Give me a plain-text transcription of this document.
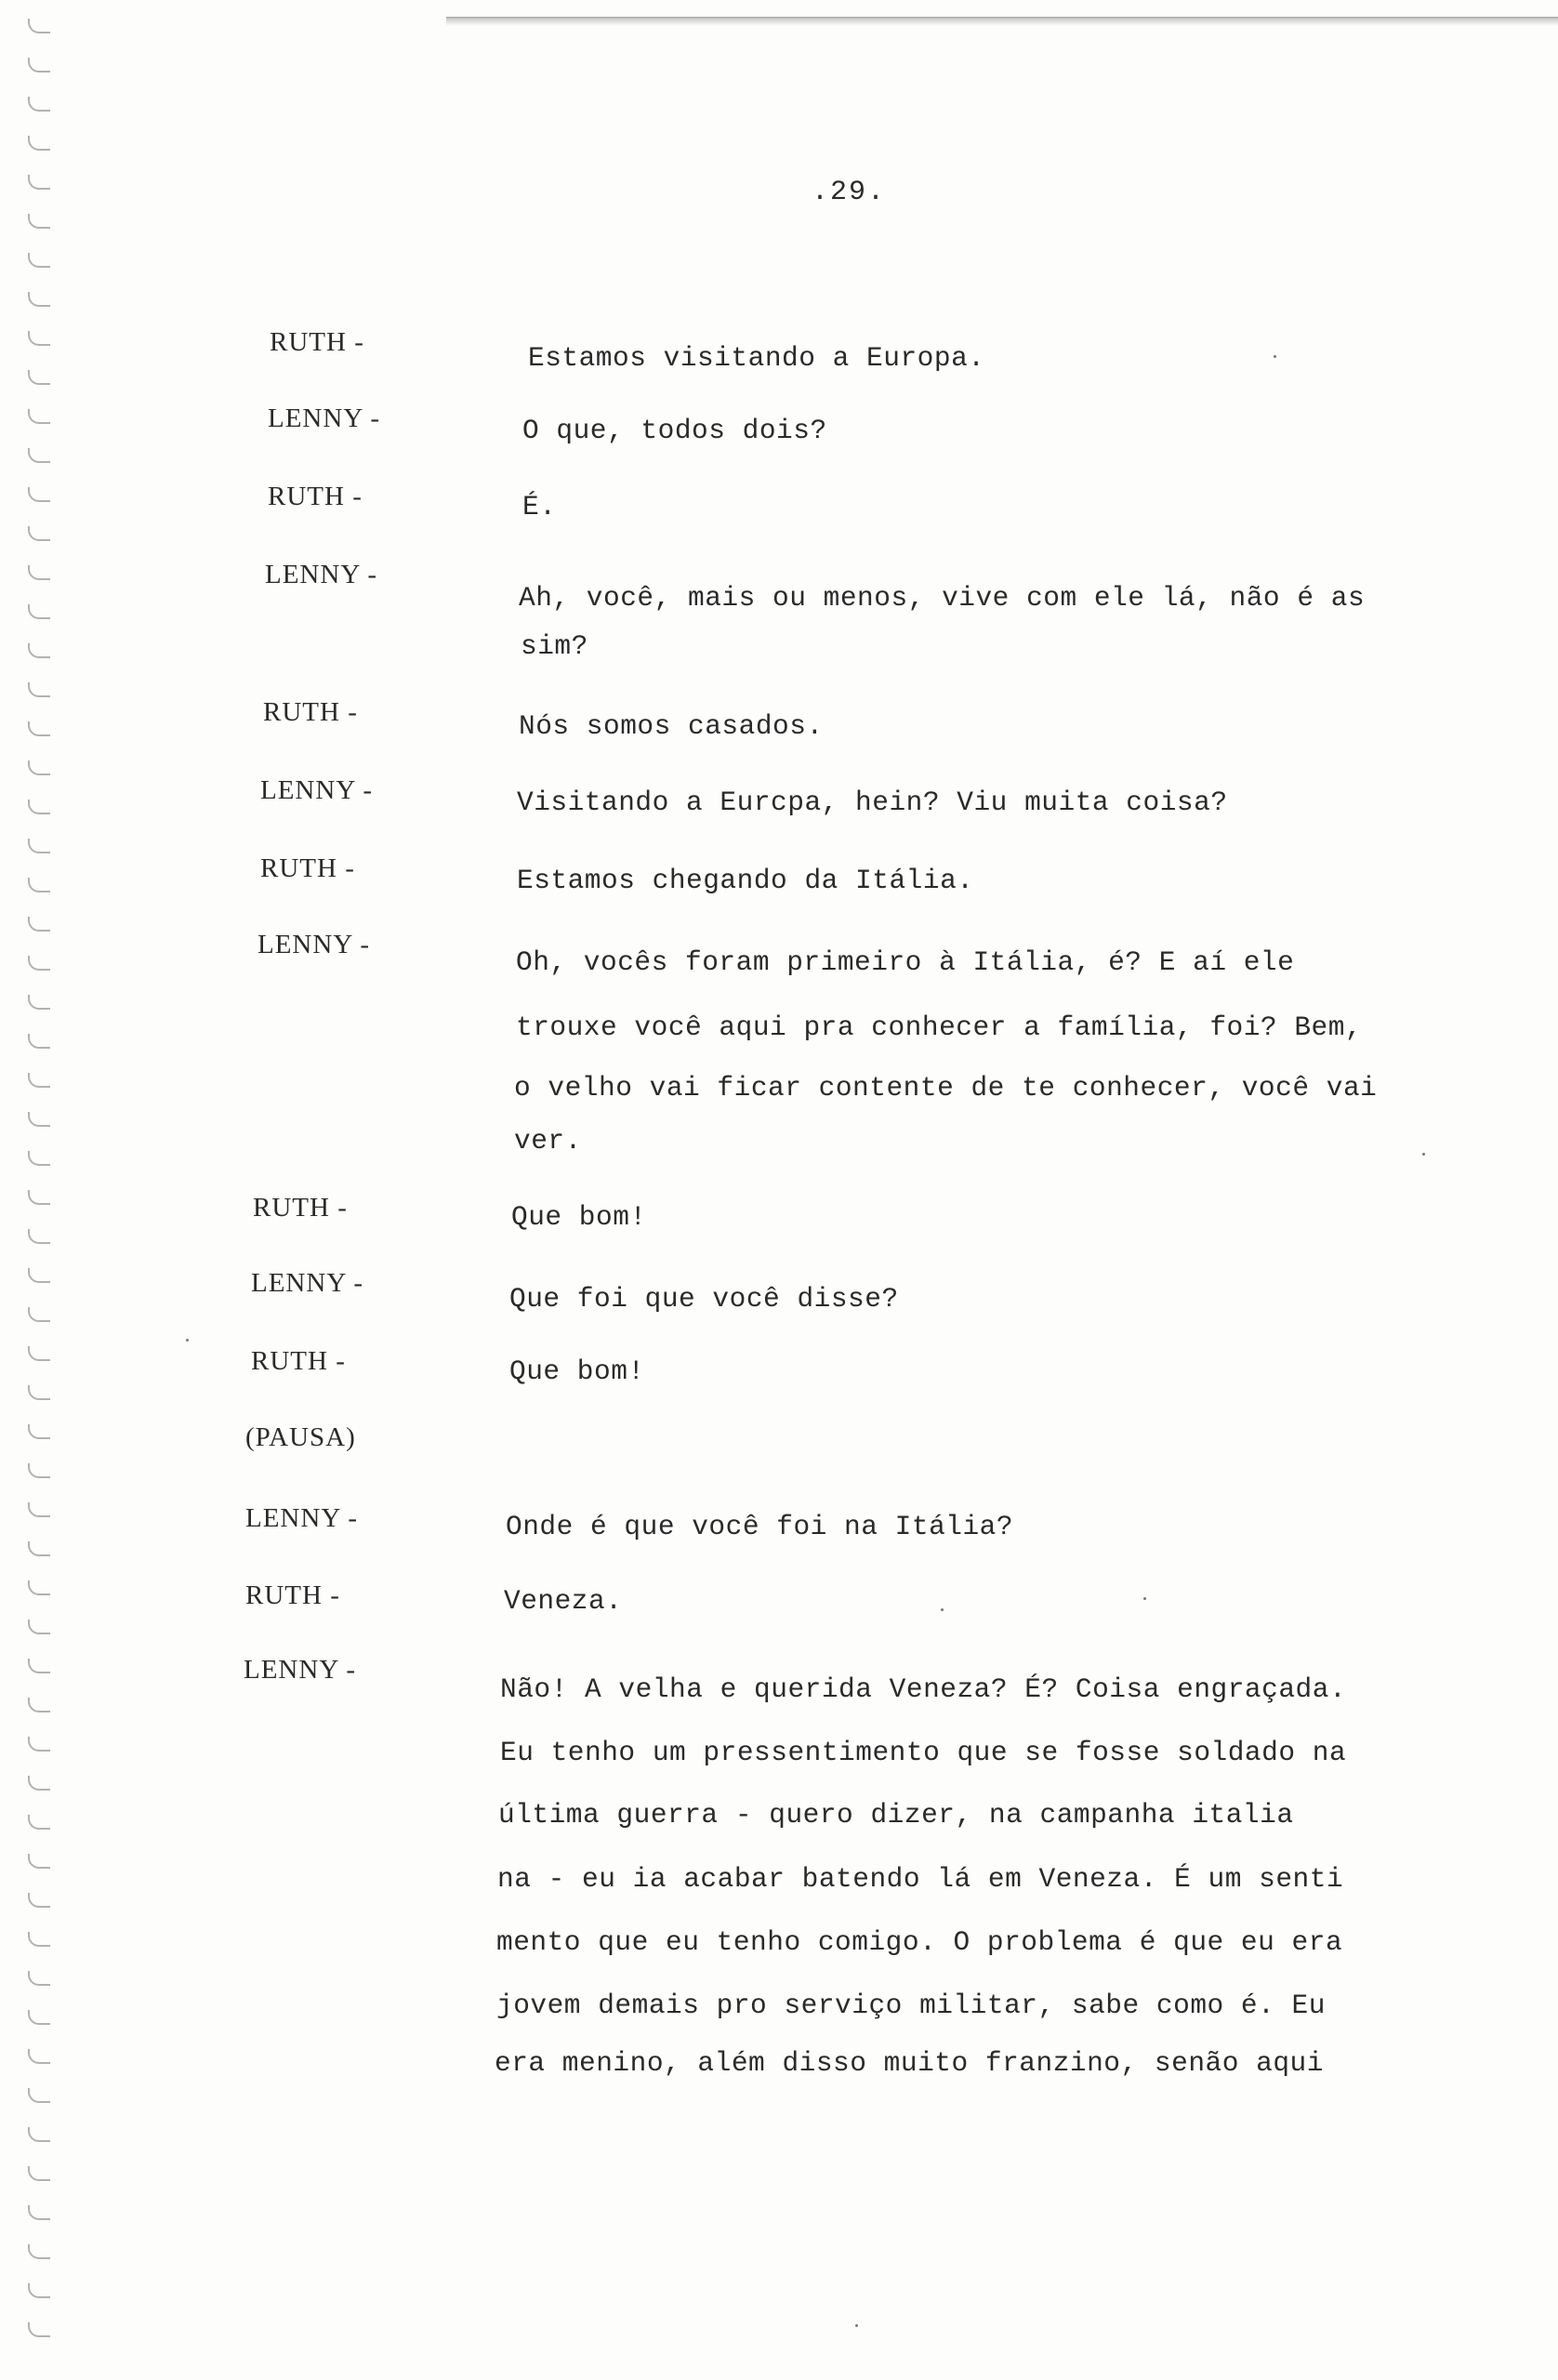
.29.
RUTH -	Estamos visitando a Europa.
LENNY -	O que, todos dois?
RUTH -	É.
LENNY -
Ah, você, mais ou menos, vive com ele lá, não é as
sim?
RUTH -	Nós somos casados.
LENNY -	Visitando a Eurcpa, hein? Viu muita coisa?
RUTH -	Estamos chegando da Itália.
LENNY -
Oh, vocês foram primeiro à Itália, é? E aí ele
trouxe você aqui pra conhecer a família, foi? Bem,
o velho vai ficar contente de te conhecer, você vai
ver.
RUTH -	Que bom!
LENNY -	Que foi que você disse?
RUTH -	Que bom!
(PAUSA)
LENNY -	Onde é que você foi na Itália?
RUTH -	Veneza.
LENNY -
Não! A velha e querida Veneza? É? Coisa engraçada.
Eu tenho um pressentimento que se fosse soldado na
última guerra - quero dizer, na campanha italia
na - eu ia acabar batendo lá em Veneza. É um senti
mento que eu tenho comigo. O problema é que eu era
jovem demais pro serviço militar, sabe como é. Eu
era menino, além disso muito franzino, senão aqui
